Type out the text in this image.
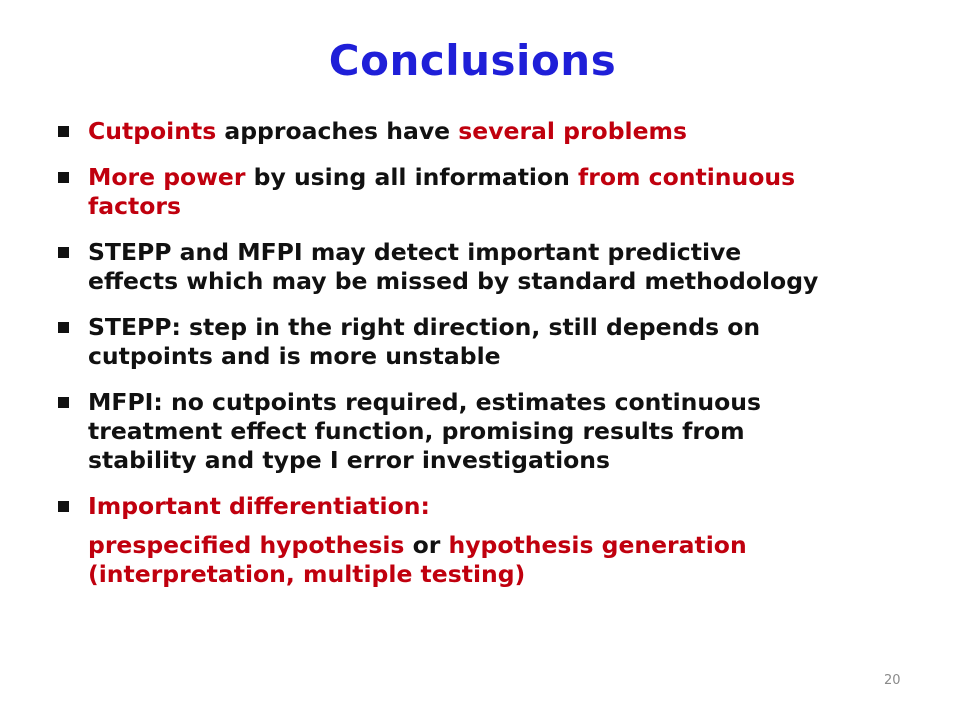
Conclusions
Cutpoints approaches have several problems
More power by using all information from continuous
factors
STEPP and MFPI may detect important predictive
effects which may be missed by standard methodology
STEPP: step in the right direction, still depends on
cutpoints and is more unstable
MFPI: no cutpoints required, estimates continuous
treatment effect function, promising results from
stability and type I error investigations
Important differentiation:
prespecified hypothesis or hypothesis generation
(interpretation, multiple testing)
20
